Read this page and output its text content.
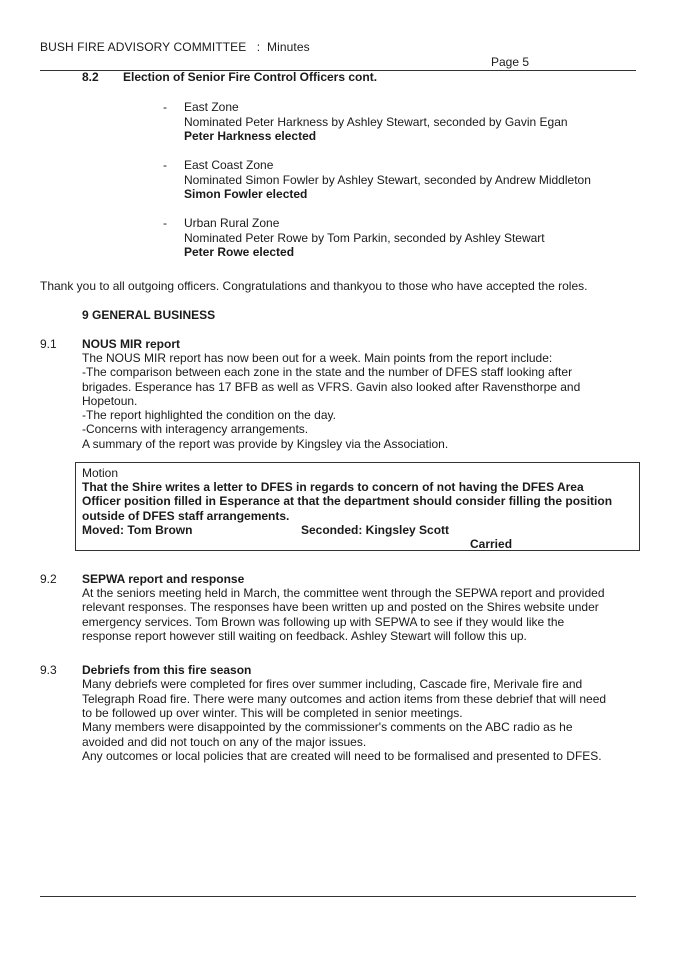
BUSH FIRE ADVISORY COMMITTEE : Minutes
Page 5
8.2 Election of Senior Fire Control Officers cont.
- East Zone
Nominated Peter Harkness by Ashley Stewart, seconded by Gavin Egan
Peter Harkness elected
- East Coast Zone
Nominated Simon Fowler by Ashley Stewart, seconded by Andrew Middleton
Simon Fowler elected
- Urban Rural Zone
Nominated Peter Rowe by Tom Parkin, seconded by Ashley Stewart
Peter Rowe elected
Thank you to all outgoing officers. Congratulations and thankyou to those who have accepted the roles.
9 GENERAL BUSINESS
9.1 NOUS MIR report
The NOUS MIR report has now been out for a week. Main points from the report include:
-The comparison between each zone in the state and the number of DFES staff looking after
brigades. Esperance has 17 BFB as well as VFRS. Gavin also looked after Ravensthorpe and
Hopetoun.
-The report highlighted the condition on the day.
-Concerns with interagency arrangements.
A summary of the report was provide by Kingsley via the Association.
Motion
That the Shire writes a letter to DFES in regards to concern of not having the DFES Area
Officer position filled in Esperance at that the department should consider filling the position
outside of DFES staff arrangements.
Moved: Tom Brown	Seconded: Kingsley Scott
Carried
9.2 SEPWA report and response
At the seniors meeting held in March, the committee went through the SEPWA report and provided
relevant responses. The responses have been written up and posted on the Shires website under
emergency services. Tom Brown was following up with SEPWA to see if they would like the
response report however still waiting on feedback. Ashley Stewart will follow this up.
9.3 Debriefs from this fire season
Many debriefs were completed for fires over summer including, Cascade fire, Merivale fire and
Telegraph Road fire. There were many outcomes and action items from these debrief that will need
to be followed up over winter. This will be completed in senior meetings.
Many members were disappointed by the commissioner's comments on the ABC radio as he
avoided and did not touch on any of the major issues.
Any outcomes or local policies that are created will need to be formalised and presented to DFES.
